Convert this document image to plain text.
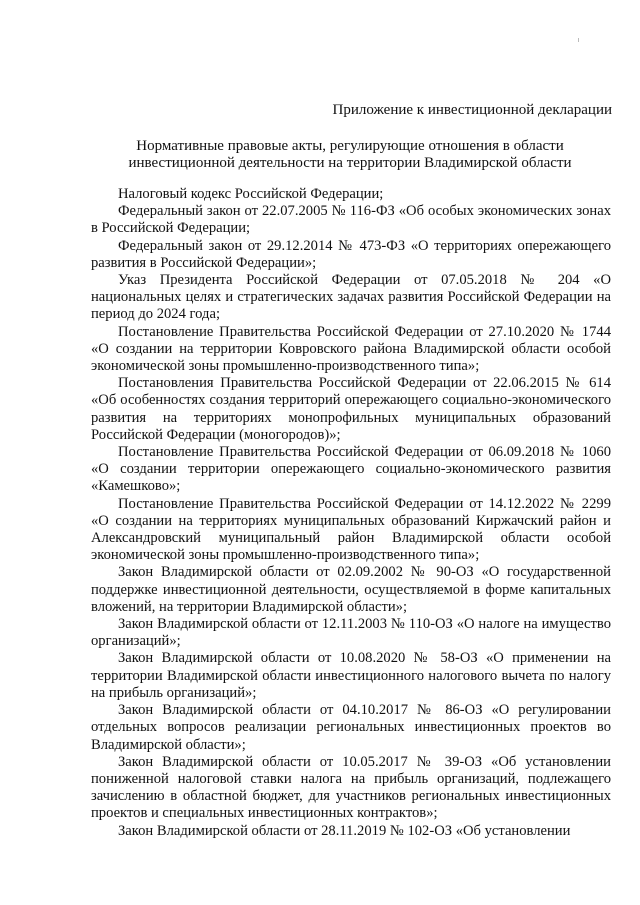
Приложение к инвестиционной декларации
Нормативные правовые акты, регулирующие отношения в области
инвестиционной деятельности на территории Владимирской области

Налоговый кодекс Российской Федерации;

Федеральный закон от 22.07.2005 № 116-ФЗ «Об особых экономических зонах в Российской Федерации;

Федеральный закон от 29.12.2014 № 473-ФЗ «О территориях опережающего развития в Российской Федерации»;

Указ Президента Российской Федерации от 07.05.2018 № 204 «О национальных целях и стратегических задачах развития Российской Федерации на период до 2024 года;

Постановление Правительства Российской Федерации от 27.10.2020 № 1744 «О создании на территории Ковровского района Владимирской области особой экономической зоны промышленно-производственного типа»;

Постановления Правительства Российской Федерации от 22.06.2015 № 614 «Об особенностях создания территорий опережающего социально-экономического развития на территориях монопрофильных муниципальных образований Российской Федерации (моногородов)»;

Постановление Правительства Российской Федерации от 06.09.2018 № 1060 «О создании территории опережающего социально-экономического развития «Камешково»;

Постановление Правительства Российской Федерации от 14.12.2022 № 2299 «О создании на территориях муниципальных образований Киржачский район и Александровский муниципальный район Владимирской области особой экономической зоны промышленно-производственного типа»;

Закон Владимирской области от 02.09.2002 № 90-ОЗ «О государственной поддержке инвестиционной деятельности, осуществляемой в форме капитальных вложений, на территории Владимирской области»;

Закон Владимирской области от 12.11.2003 № 110-ОЗ «О налоге на имущество организаций»;

Закон Владимирской области от 10.08.2020 № 58-ОЗ «О применении на территории Владимирской области инвестиционного налогового вычета по налогу на прибыль организаций»;

Закон Владимирской области от 04.10.2017 № 86-ОЗ «О регулировании отдельных вопросов реализации региональных инвестиционных проектов во Владимирской области»;

Закон Владимирской области от 10.05.2017 № 39-ОЗ «Об установлении пониженной налоговой ставки налога на прибыль организаций, подлежащего зачислению в областной бюджет, для участников региональных инвестиционных проектов и специальных инвестиционных контрактов»;

Закон Владимирской области от 28.11.2019 № 102-ОЗ «Об установлении
